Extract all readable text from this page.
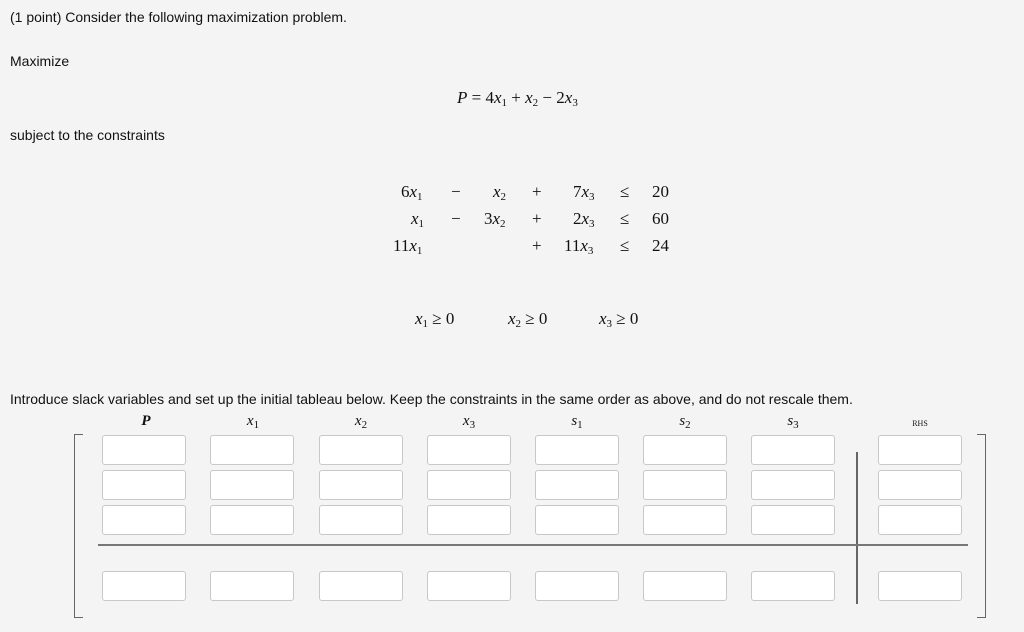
(1 point) Consider the following maximization problem.
Maximize
$P = 4x_1 + x_2 - 2x_3$
subject to the constraints
$6x_1 - x_2 + 7x_3 \le 20$
$x_1 - 3x_2 + 2x_3 \le 60$
$11x_1$	+ $11x_3 \le 24$
$x_1 \ge 0$	$x_2 \ge 0$	$x_3 \ge 0$
Introduce slack variables and set up the initial tableau below. Keep the constraints in the same order as above, and do not rescale them.
P	$x_1$	$x_2$	$x_3$	$s_1$	$s_2$	$s_3$	RHS
